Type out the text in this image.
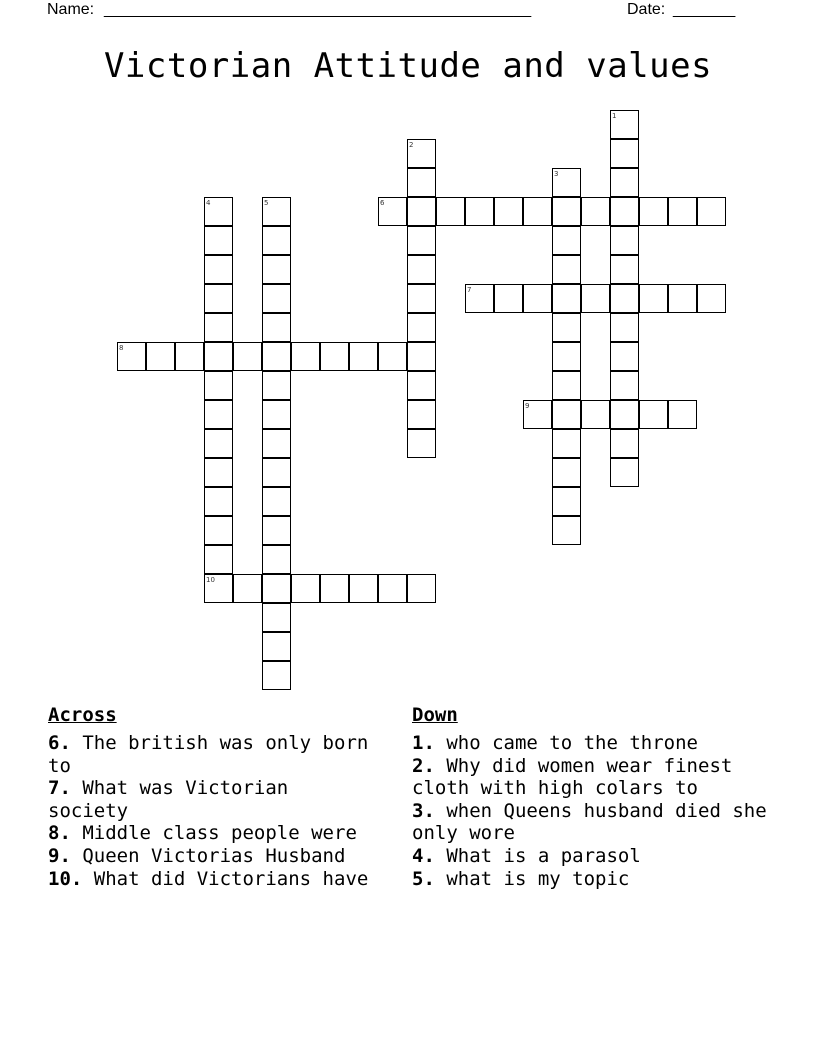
Name: ________________________________________________	Date: _______
Victorian Attitude and values
1
2
3
4	5	6
7
8
9
10
Across

6. The british was only born to

7. What was Victorian society

8. Middle class people were

9. Queen Victorias Husband

10. What did Victorians have

Down

1. who came to the throne

2. Why did women wear finest cloth with high colars to

3. when Queens husband died she only wore

4. What is a parasol

5. what is my topic
